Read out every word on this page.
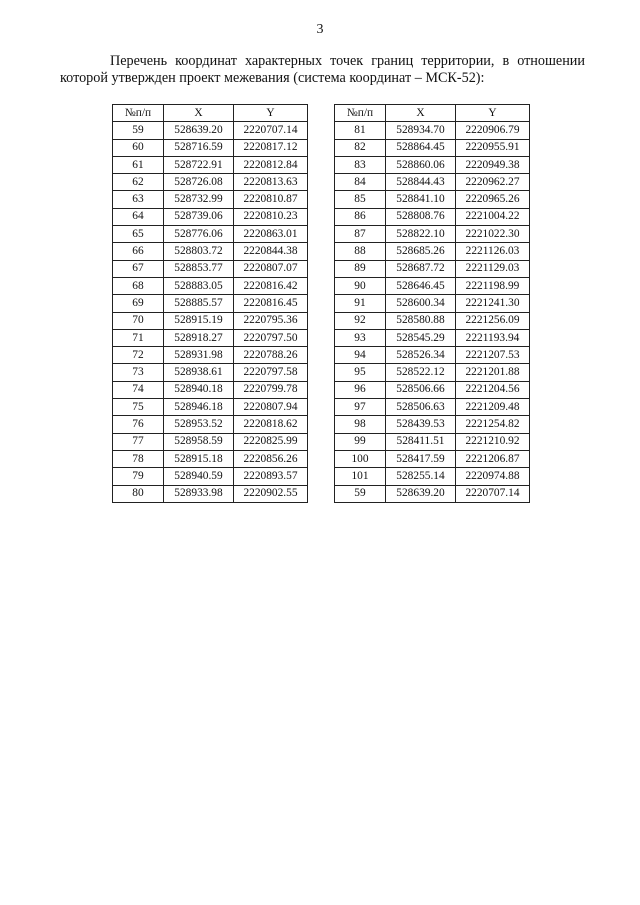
3
Перечень координат характерных точек границ территории, в отношении
которой утвержден проект межевания (система координат – МСК-52):
№п/п	X	Y
59	528639.20	2220707.14
60	528716.59	2220817.12
61	528722.91	2220812.84
62	528726.08	2220813.63
63	528732.99	2220810.87
64	528739.06	2220810.23
65	528776.06	2220863.01
66	528803.72	2220844.38
67	528853.77	2220807.07
68	528883.05	2220816.42
69	528885.57	2220816.45
70	528915.19	2220795.36
71	528918.27	2220797.50
72	528931.98	2220788.26
73	528938.61	2220797.58
74	528940.18	2220799.78
75	528946.18	2220807.94
76	528953.52	2220818.62
77	528958.59	2220825.99
78	528915.18	2220856.26
79	528940.59	2220893.57
80	528933.98	2220902.55
№п/п	X	Y
81	528934.70	2220906.79
82	528864.45	2220955.91
83	528860.06	2220949.38
84	528844.43	2220962.27
85	528841.10	2220965.26
86	528808.76	2221004.22
87	528822.10	2221022.30
88	528685.26	2221126.03
89	528687.72	2221129.03
90	528646.45	2221198.99
91	528600.34	2221241.30
92	528580.88	2221256.09
93	528545.29	2221193.94
94	528526.34	2221207.53
95	528522.12	2221201.88
96	528506.66	2221204.56
97	528506.63	2221209.48
98	528439.53	2221254.82
99	528411.51	2221210.92
100	528417.59	2221206.87
101	528255.14	2220974.88
59	528639.20	2220707.14
